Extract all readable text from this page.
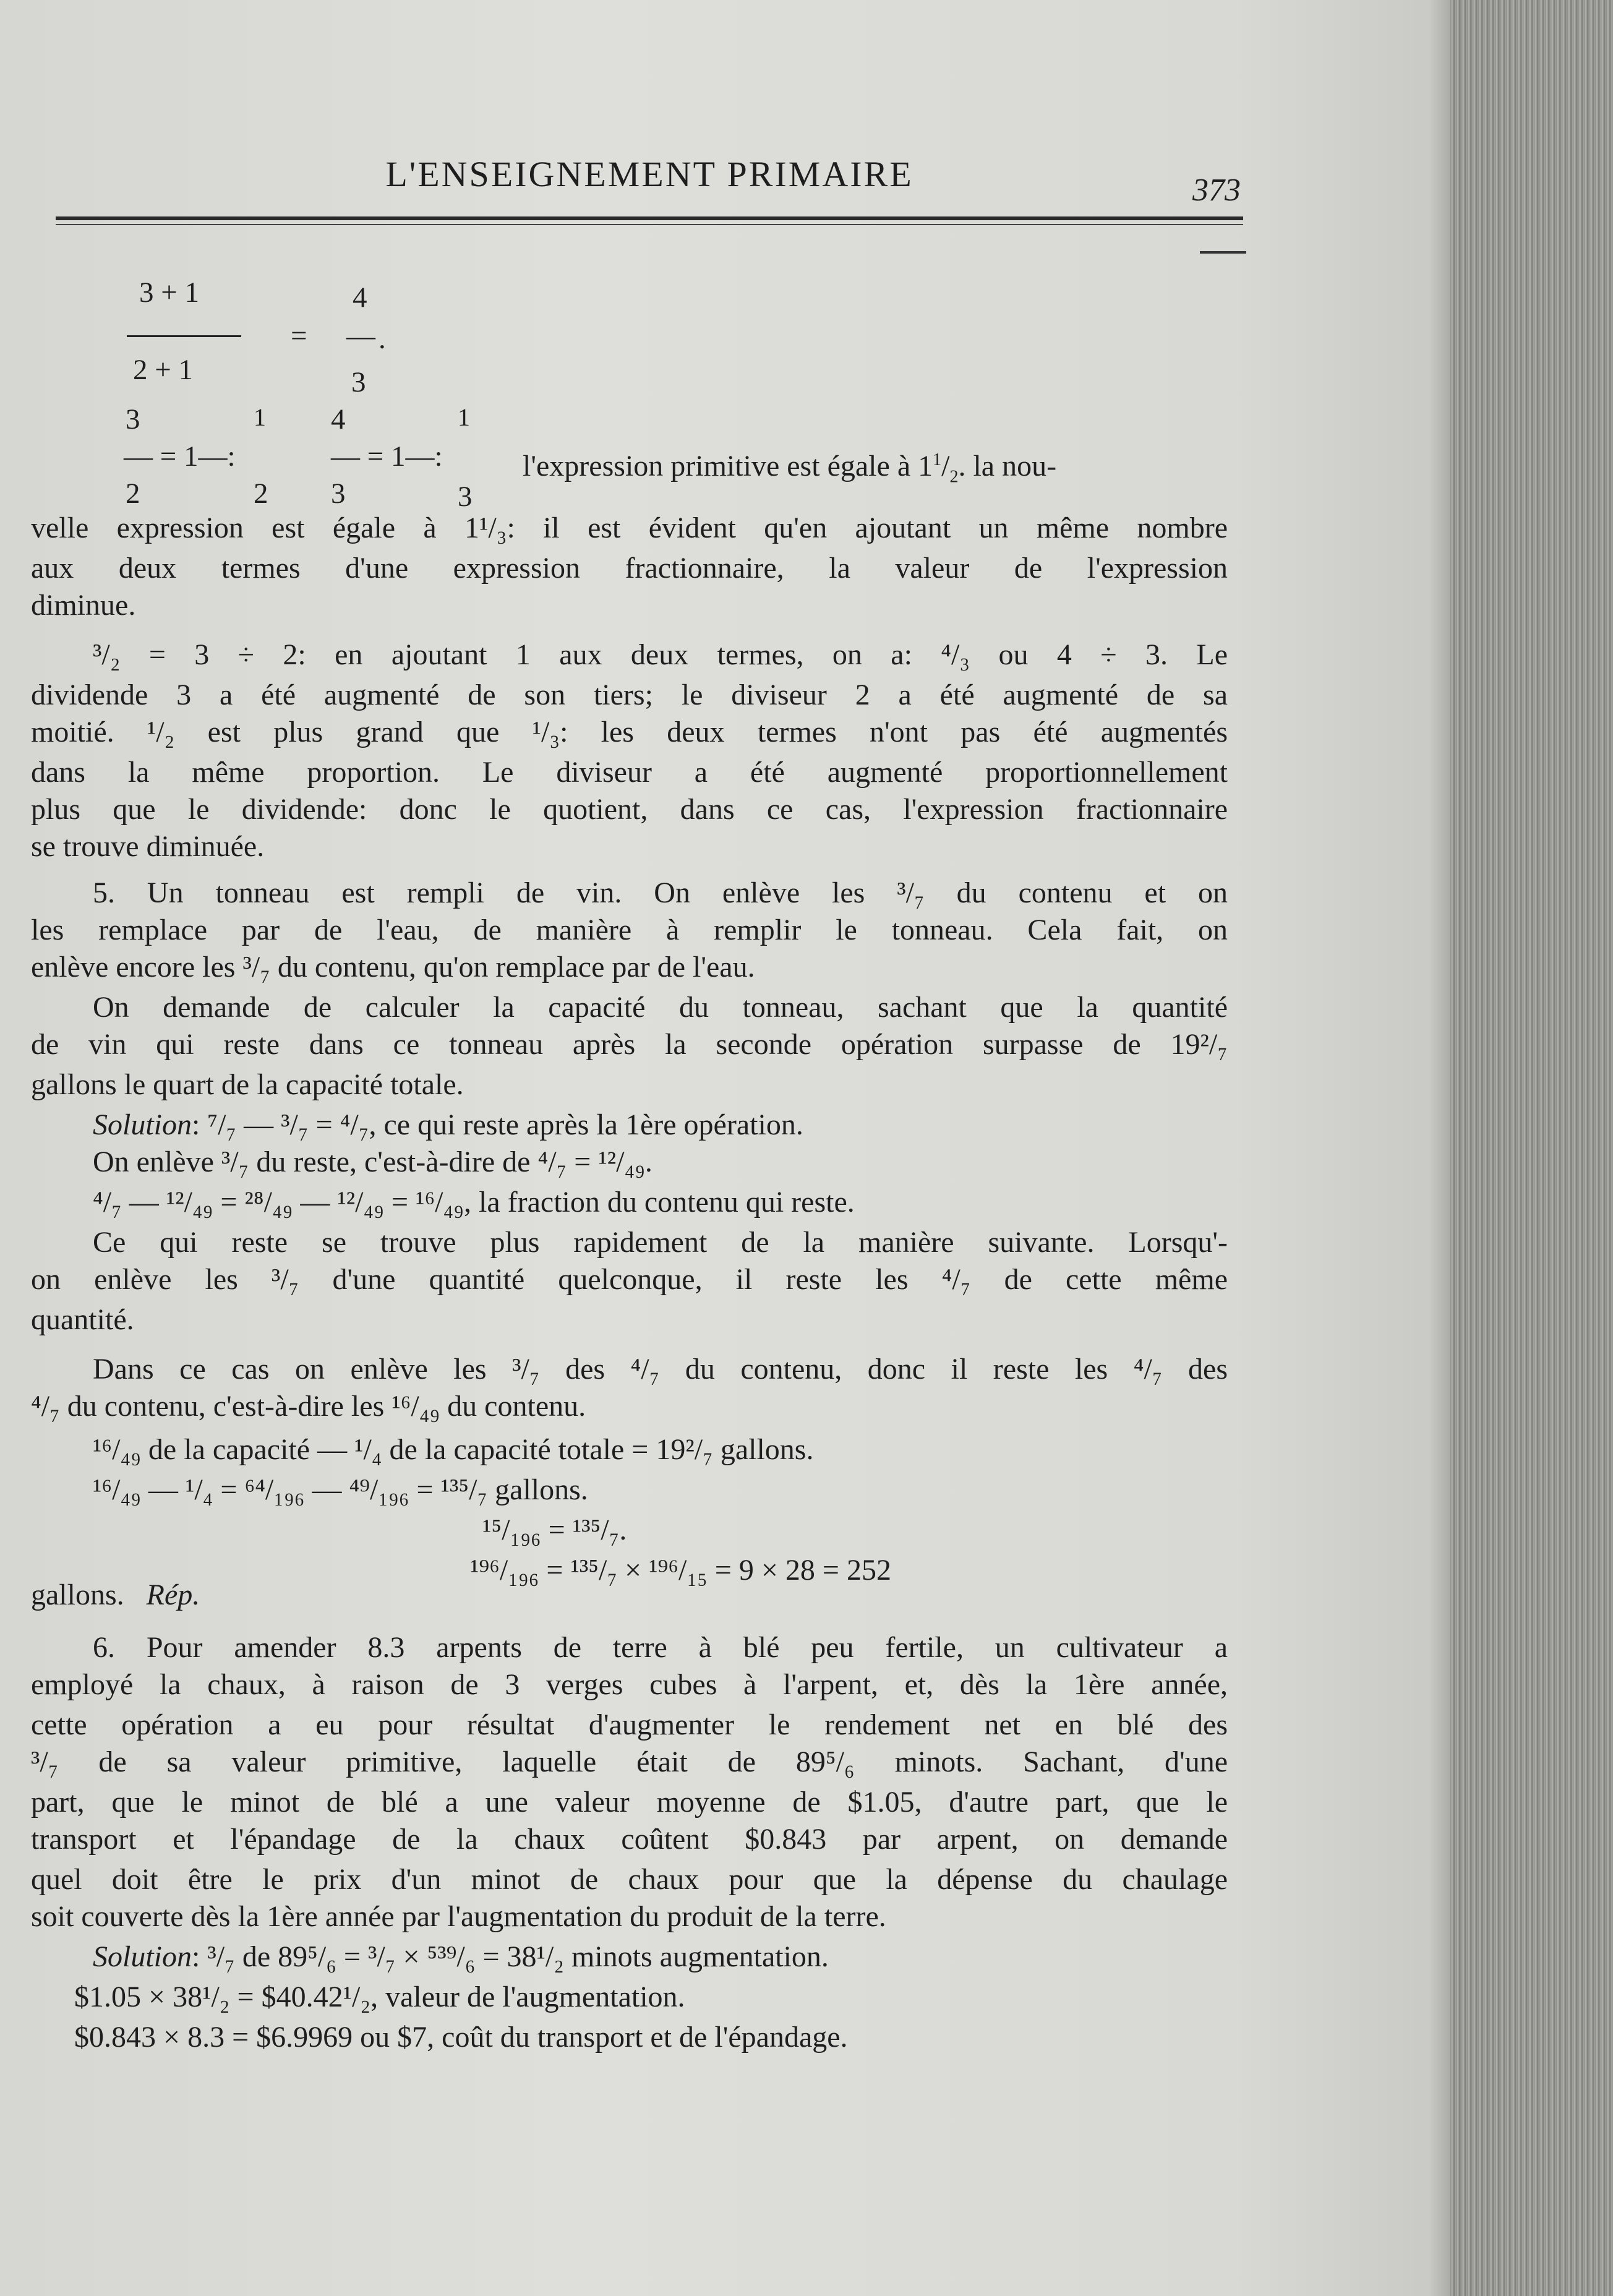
L'ENSEIGNEMENT PRIMAIRE	373
3 + 1
2 + 1
=
4
— .
3
3	1
— = 1—:
2	2
4	1
— = 1—:
3	3
l'expression primitive est égale à $1^1/_2$. la nou-
velle expression est égale à 1¹/₃: il est évident qu'en ajoutant un même nombre
aux deux termes d'une expression fractionnaire, la valeur de l'expression
diminue.
³/₂ = 3 ÷ 2: en ajoutant 1 aux deux termes, on a: ⁴/₃ ou 4 ÷ 3. Le
dividende 3 a été augmenté de son tiers; le diviseur 2 a été augmenté de sa
moitié. ¹/₂ est plus grand que ¹/₃: les deux termes n'ont pas été augmentés
dans la même proportion. Le diviseur a été augmenté proportionnellement
plus que le dividende: donc le quotient, dans ce cas, l'expression fractionnaire
se trouve diminuée.
5. Un tonneau est rempli de vin. On enlève les ³/₇ du contenu et on
les remplace par de l'eau, de manière à remplir le tonneau. Cela fait, on
enlève encore les ³/₇ du contenu, qu'on remplace par de l'eau.
On demande de calculer la capacité du tonneau, sachant que la quantité
de vin qui reste dans ce tonneau après la seconde opération surpasse de 19²/₇
gallons le quart de la capacité totale.
Solution: ⁷/₇ — ³/₇ = ⁴/₇, ce qui reste après la 1ère opération.
On enlève ³/₇ du reste, c'est-à-dire de ⁴/₇ = ¹²/₄₉.
⁴/₇ — ¹²/₄₉ = ²⁸/₄₉ — ¹²/₄₉ = ¹⁶/₄₉, la fraction du contenu qui reste.
Ce qui reste se trouve plus rapidement de la manière suivante. Lorsqu'-
on enlève les ³/₇ d'une quantité quelconque, il reste les ⁴/₇ de cette même
quantité.
Dans ce cas on enlève les ³/₇ des ⁴/₇ du contenu, donc il reste les ⁴/₇ des
⁴/₇ du contenu, c'est-à-dire les ¹⁶/₄₉ du contenu.
¹⁶/₄₉ de la capacité — ¹/₄ de la capacité totale = 19²/₇ gallons.
¹⁶/₄₉ — ¹/₄ = ⁶⁴/₁₉₆ — ⁴⁹/₁₉₆ = ¹³⁵/₇ gallons.
¹⁵/₁₉₆ = ¹³⁵/₇.
¹⁹⁶/₁₉₆ = ¹³⁵/₇ × ¹⁹⁶/₁₅ = 9 × 28 = 252
gallons. Rép.
6. Pour amender 8.3 arpents de terre à blé peu fertile, un cultivateur a
employé la chaux, à raison de 3 verges cubes à l'arpent, et, dès la 1ère année,
cette opération a eu pour résultat d'augmenter le rendement net en blé des
³/₇ de sa valeur primitive, laquelle était de 89⁵/₆ minots. Sachant, d'une
part, que le minot de blé a une valeur moyenne de $1.05, d'autre part, que le
transport et l'épandage de la chaux coûtent $0.843 par arpent, on demande
quel doit être le prix d'un minot de chaux pour que la dépense du chaulage
soit couverte dès la 1ère année par l'augmentation du produit de la terre.
Solution: ³/₇ de 89⁵/₆ = ³/₇ × ⁵³⁹/₆ = 38¹/₂ minots augmentation.
$1.05 × 38¹/₂ = $40.42¹/₂, valeur de l'augmentation.
$0.843 × 8.3 = $6.9969 ou $7, coût du transport et de l'épandage.
